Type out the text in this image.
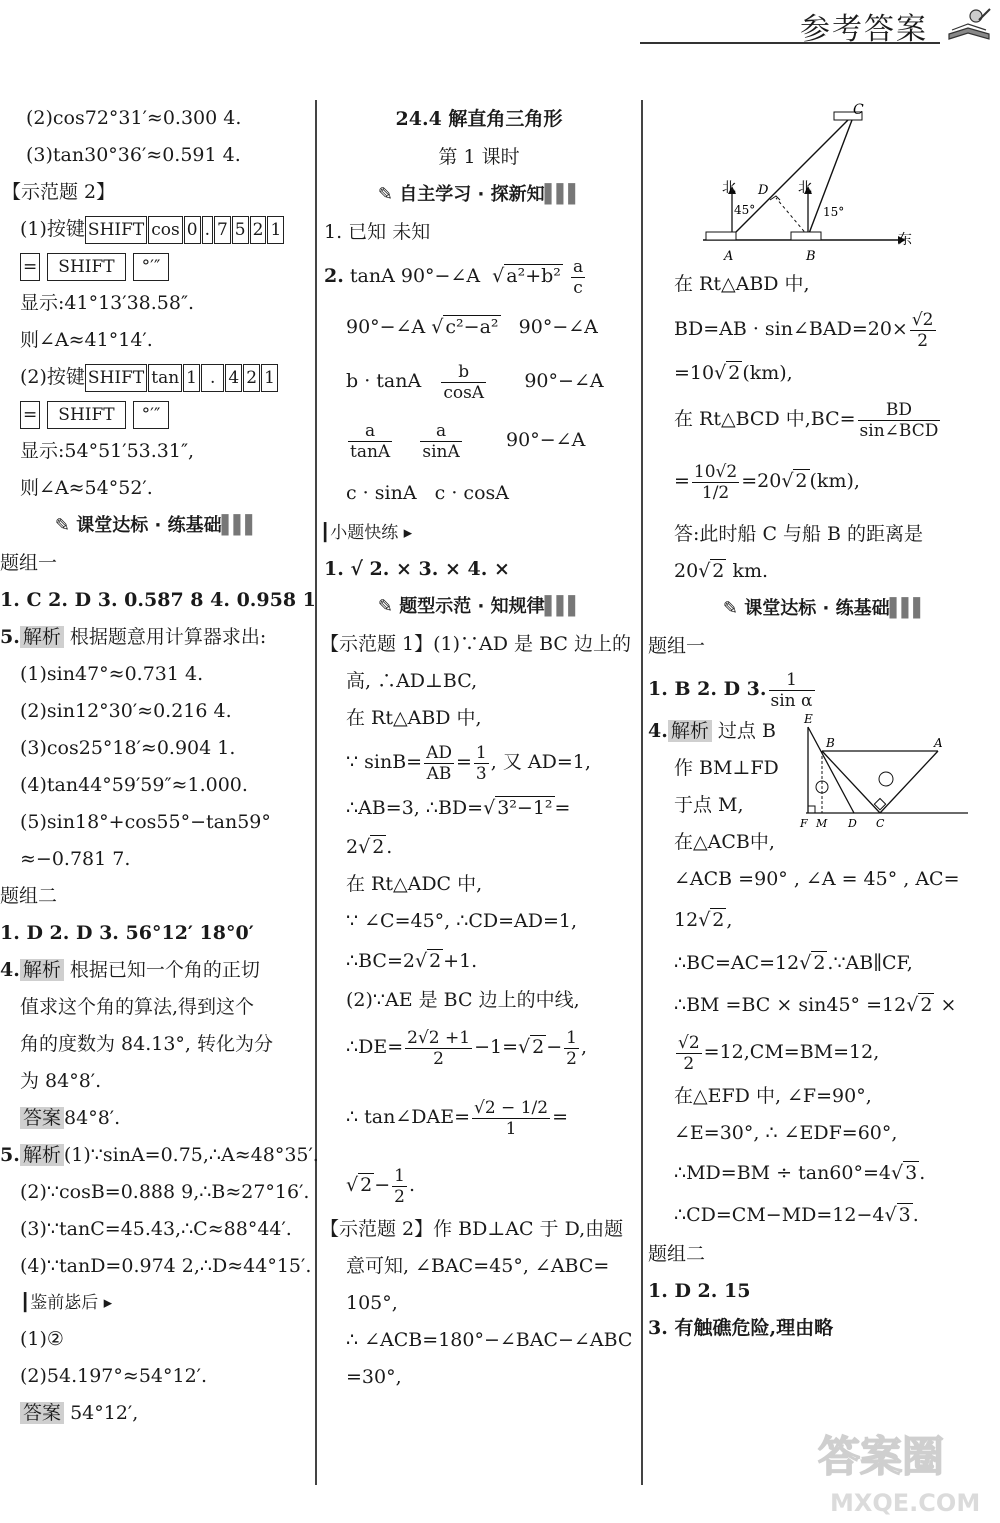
参考答案
(2)cos72°31′≈0.300 4.
(3)tan30°36′≈0.591 4.
【示范题 2】
(1)按键 SHIFT cos 0 . 7 5 2 1
= SHIFT °′″
显示:41°13′38.58″.
则∠A≈41°14′.
(2)按键 SHIFT tan 1 . 4 2 1
= SHIFT °′″
显示:54°51′53.31″,
则∠A≈54°52′.
✎ 课堂达标 · 练基础▌▌▌
题组一
1. C 2. D 3. 0.587 8 4. 0.958 1
5. 解析 根据题意用计算器求出:
(1)sin47°≈0.731 4.
(2)sin12°30′≈0.216 4.
(3)cos25°18′≈0.904 1.
(4)tan44°59′59″≈1.000.
(5)sin18°+cos55°−tan59°
≈−0.781 7.
题组二
1. D 2. D 3. 56°12′ 18°0′
4. 解析 根据已知一个角的正切
值求这个角的算法,得到这个
角的度数为 84.13°, 转化为分
为 84°8′.
答案 84°8′.
5. 解析 (1)∵sinA=0.75,∴A≈48°35′.
(2)∵cosB=0.888 9,∴B≈27°16′.
(3)∵tanC=45.43,∴C≈88°44′.
(4)∵tanD=0.974 2,∴D≈44°15′.
┃鉴前毖后 ▸
(1)②
(2)54.197°≈54°12′.
答案 54°12′,
24.4 解直角三角形
第 1 课时
✎ 自主学习 · 探新知▌▌▌
1. 已知 未知
2. tanA 90°−∠A  √ $a^2+b^2 \frac{a}{c}$
90°−∠A √ c²−a² 90°−∠A
b · tanA $\frac{b}{\cos A}$ 90°−∠A
$\frac{a}{\tan A}$
$\frac{a}{\sin A}$ 90°−∠A
c · sinA c · cosA
┃小题快练 ▸
1. √ 2. × 3. × 4. ×
✎ 题型示范 · 知规律▌▌▌
【示范题 1】(1)∵AD 是 BC 边上的
高, ∴AD⊥BC,
在 Rt△ABD 中,
∵ $\sin B= \frac{AD}{AB} = \frac{1}{3}$ , 又 AD=1,
∴AB=3, ∴BD=√ 3²−1² =
2√ 2 .
在 Rt△ADC 中,
∵ ∠C=45°, ∴CD=AD=1,
∴BC=2√ 2 +1.
(2)∵AE 是 BC 边上的中线,
∴DE= $\frac{2√2 +1}{2} -1=√$ $2 - \frac{1}{2}$ ,
∴ tan∠DAE= $\frac{√2 - 1/2}{1}$ =
√ $2 - \frac{1}{2}$ .
【示范题 2】作 BD⊥AC 于 D,由题
意可知, ∠BAC=45°, ∠ABC=
105°,
∴ ∠ACB=180°−∠BAC−∠ABC
=30°,
C
北	北
D
45°	15°
东
A	B
在 Rt△ABD 中,
BD=AB · sin∠BAD=20× $\frac{√2}{2}$
=10√ 2 (km),
在 Rt△BCD 中$,BC= \frac{BD}{\text{sin∠BCD}}$
= $\frac{10√2}{1/2} =20√$ 2 (km),
答:此时船 C 与船 B 的距离是
20√ 2 km.
✎ 课堂达标 · 练基础▌▌▌
题组一
1. B 2. D 3. $\frac{1}{\text{sin α}}$
4. 解析 过点 B
作 BM⊥FD
于点 M,
在△ACB中,
E
B	A
F M D C
∠ACB =90° , ∠A = 45° , AC=
12√ 2 ,
∴BC=AC=12√ 2 .∵AB∥CF,
∴BM =BC × sin45° =12√ 2 ×
$\frac{√2}{2} =12,CM=BM=12$,
在△EFD 中, ∠F=90°,
∠E=30°, ∴ ∠EDF=60°,
∴MD=BM ÷ tan60°=4√ 3 .
∴CD=CM−MD=12−4√ 3 .
题组二
1. D 2. 15
3. 有触礁危险,理由略
答案圈
MXQE.COM
